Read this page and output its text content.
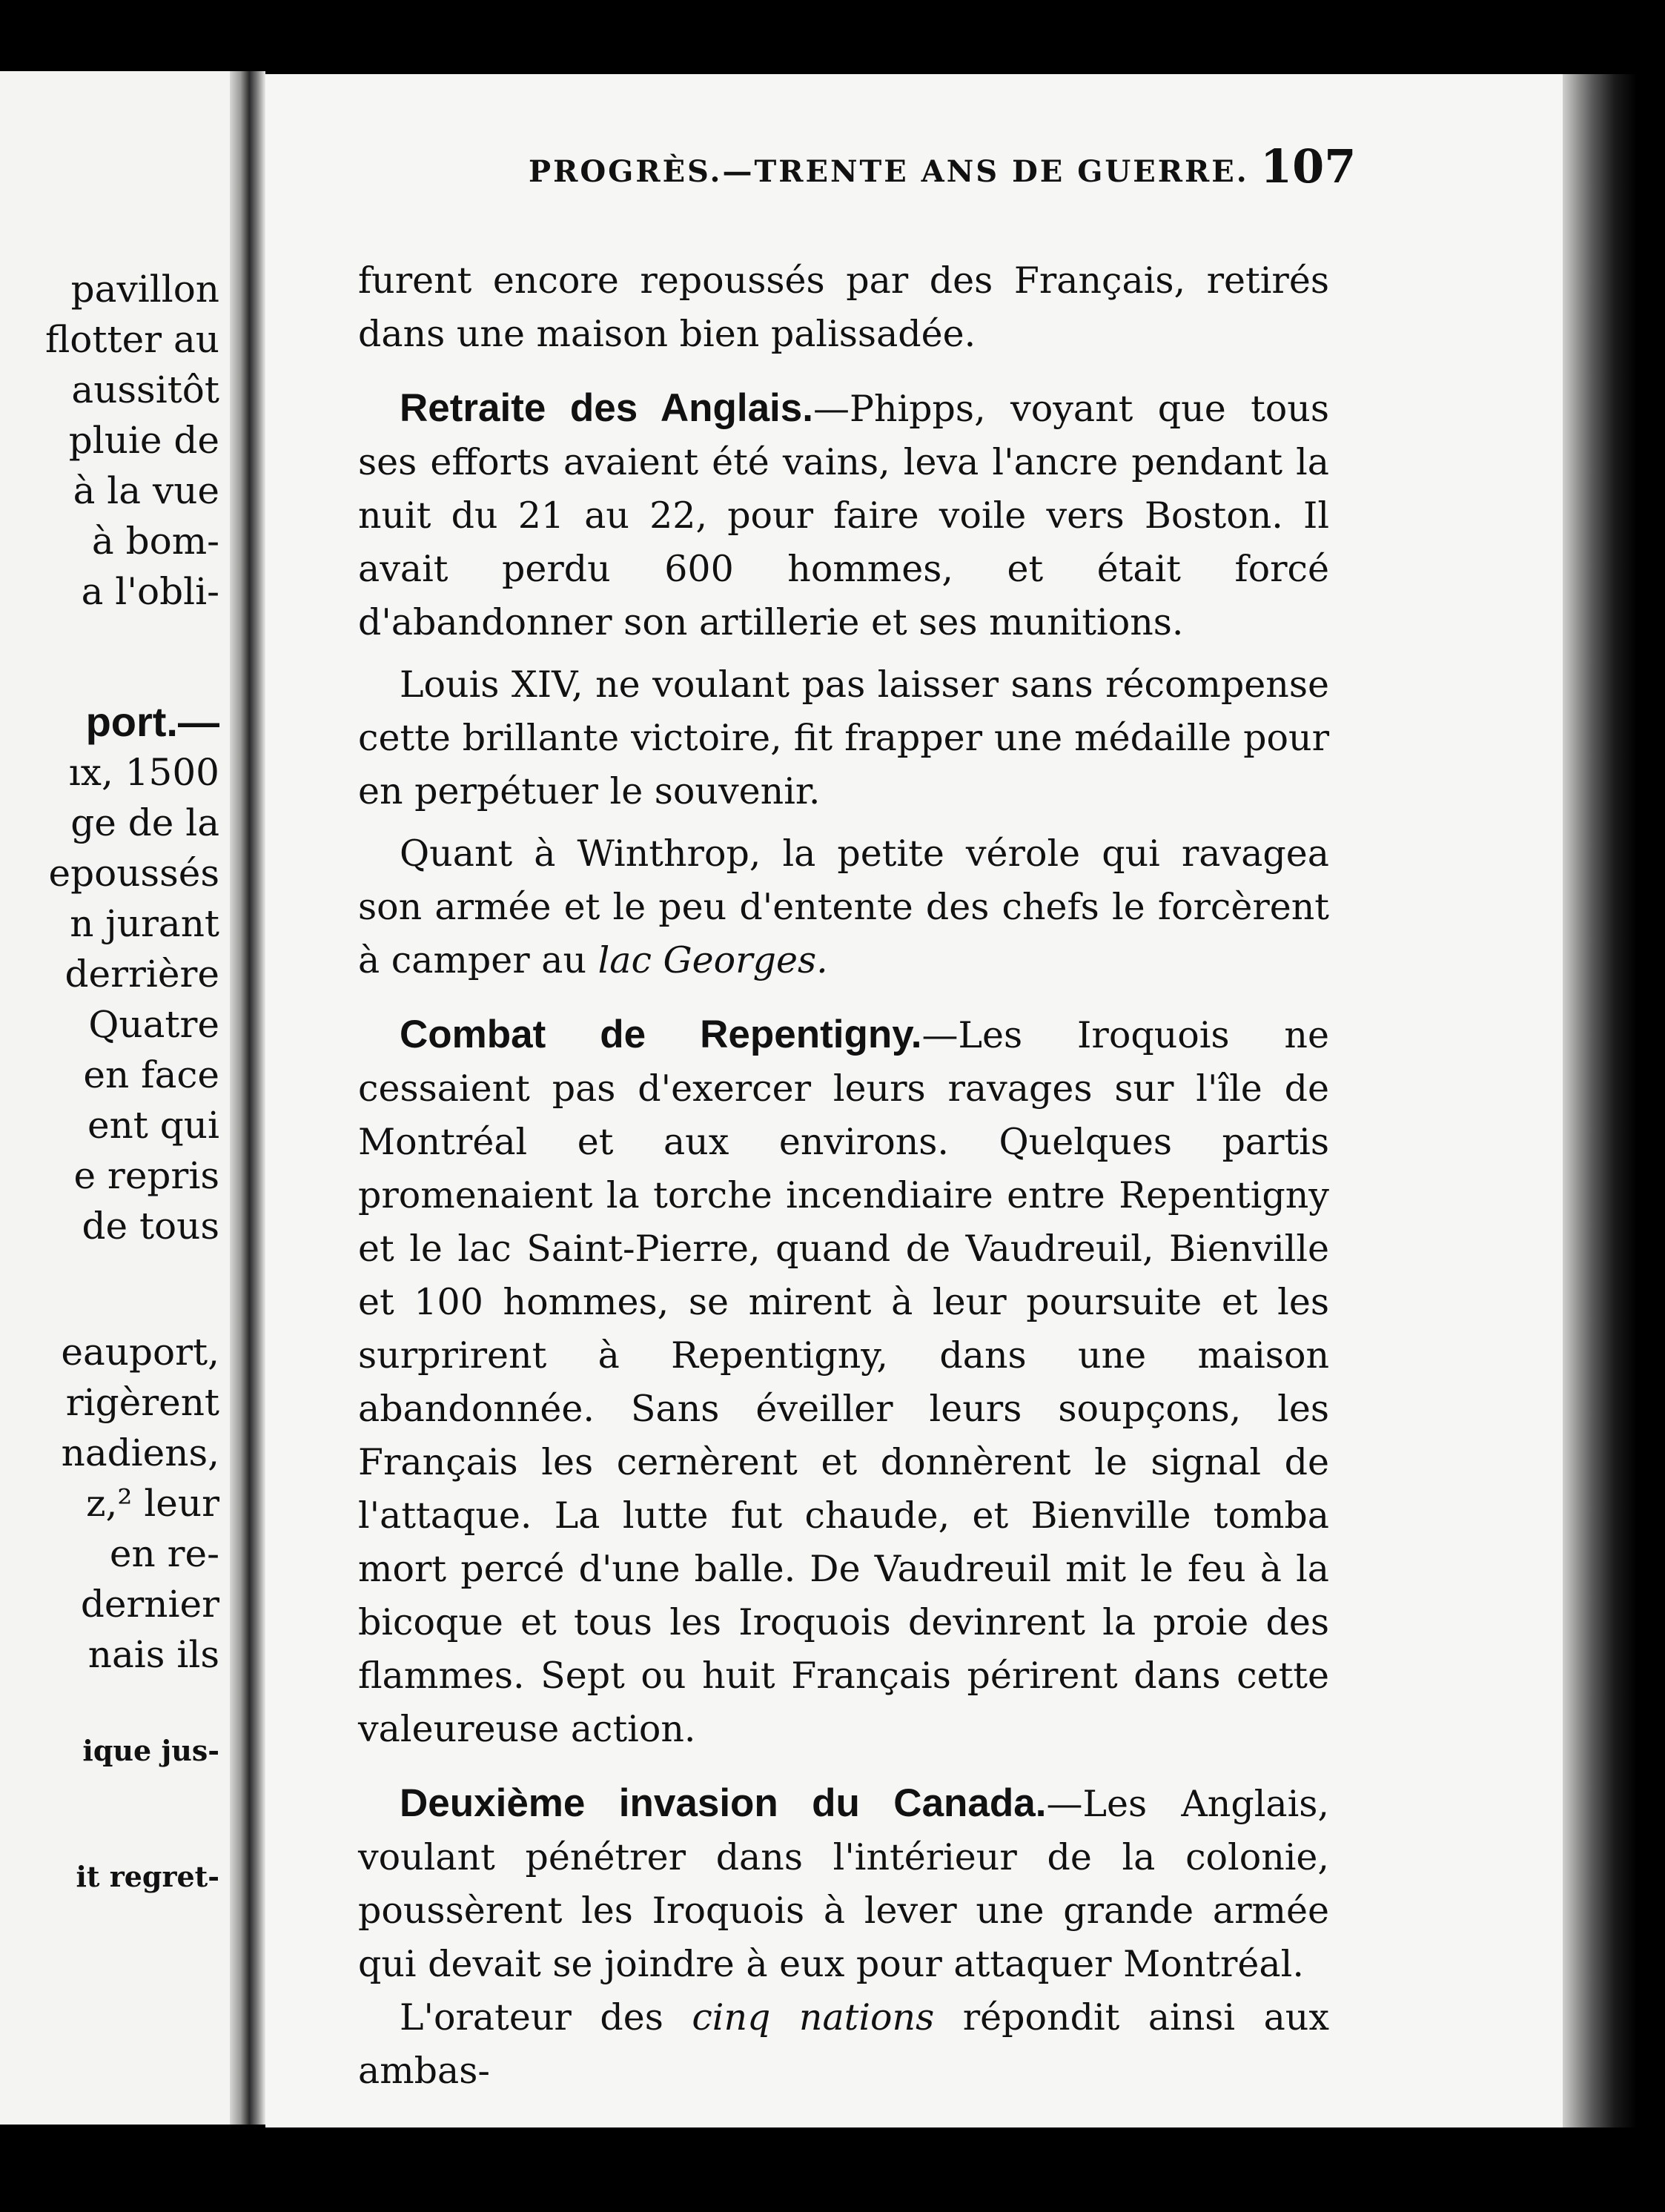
pavillon
flotter au
aussitôt
pluie de
à la vue
à bom-
a l'obli-
port.—
ıx, 1500
ge de la
epoussés
n jurant
derrière
Quatre
en face
ent qui
e repris
de tous
eauport,
rigèrent
nadiens,
z,² leur
en re-
dernier
nais ils
ique jus-
it regret-
PROGRÈS.—TRENTE ANS DE GUERRE. 107

furent encore repoussés par des Français, retirés dans une maison bien palissadée.

Retraite des Anglais.—Phipps, voyant que tous ses efforts avaient été vains, leva l'ancre pendant la nuit du 21 au 22, pour faire voile vers Boston. Il avait perdu 600 hommes, et était forcé d'abandonner son artillerie et ses munitions.

Louis XIV, ne voulant pas laisser sans récompense cette brillante victoire, fit frapper une médaille pour en perpétuer le souvenir.

Quant à Winthrop, la petite vérole qui ravagea son armée et le peu d'entente des chefs le forcèrent à camper au lac Georges.

Combat de Repentigny.—Les Iroquois ne cessaient pas d'exercer leurs ravages sur l'île de Montréal et aux environs. Quelques partis promenaient la torche incendiaire entre Repentigny et le lac Saint-Pierre, quand de Vaudreuil, Bienville et 100 hommes, se mirent à leur poursuite et les surprirent à Repentigny, dans une maison abandonnée. Sans éveiller leurs soupçons, les Français les cernèrent et donnèrent le signal de l'attaque. La lutte fut chaude, et Bienville tomba mort percé d'une balle. De Vaudreuil mit le feu à la bicoque et tous les Iroquois devinrent la proie des flammes. Sept ou huit Français périrent dans cette valeureuse action.

Deuxième invasion du Canada.—Les Anglais, voulant pénétrer dans l'intérieur de la colonie, poussèrent les Iroquois à lever une grande armée qui devait se joindre à eux pour attaquer Montréal.

L'orateur des cinq nations répondit ainsi aux ambas-
